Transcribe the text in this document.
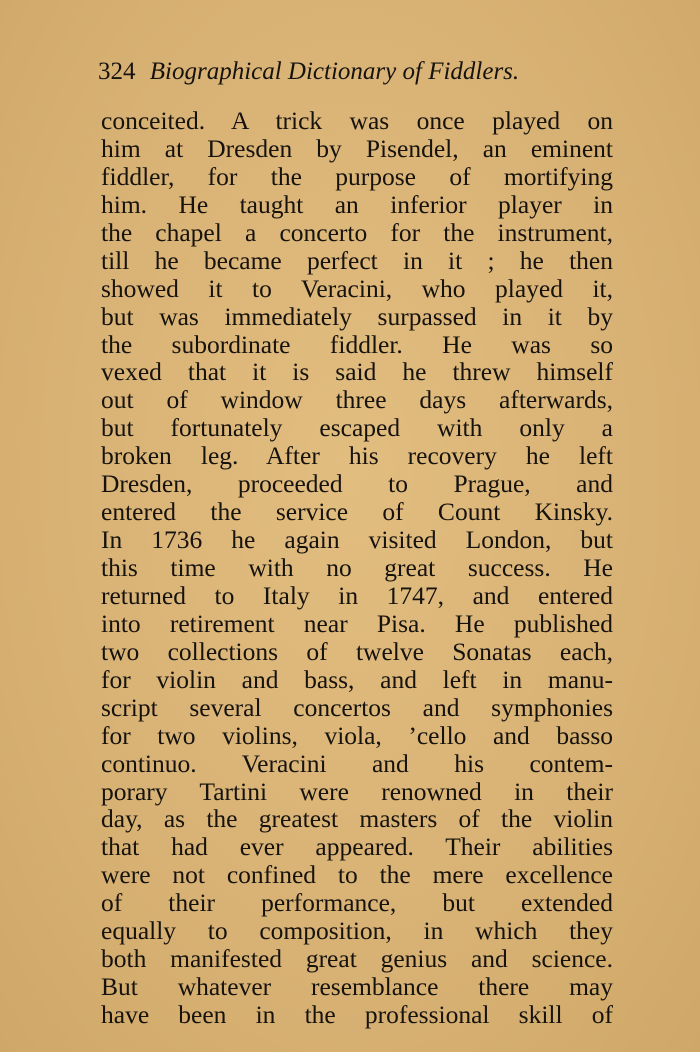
324 Biographical Dictionary of Fiddlers.
conceited. A trick was once played on
him at Dresden by Pisendel, an eminent
fiddler, for the purpose of mortifying
him. He taught an inferior player in
the chapel a concerto for the instrument,
till he became perfect in it ; he then
showed it to Veracini, who played it,
but was immediately surpassed in it by
the subordinate fiddler. He was so
vexed that it is said he threw himself
out of window three days afterwards,
but fortunately escaped with only a
broken leg. After his recovery he left
Dresden, proceeded to Prague, and
entered the service of Count Kinsky.
In 1736 he again visited London, but
this time with no great success. He
returned to Italy in 1747, and entered
into retirement near Pisa. He published
two collections of twelve Sonatas each,
for violin and bass, and left in manu-
script several concertos and symphonies
for two violins, viola, ’cello and basso
continuo. Veracini and his contem-
porary Tartini were renowned in their
day, as the greatest masters of the violin
that had ever appeared. Their abilities
were not confined to the mere excellence
of their performance, but extended
equally to composition, in which they
both manifested great genius and science.
But whatever resemblance there may
have been in the professional skill of
